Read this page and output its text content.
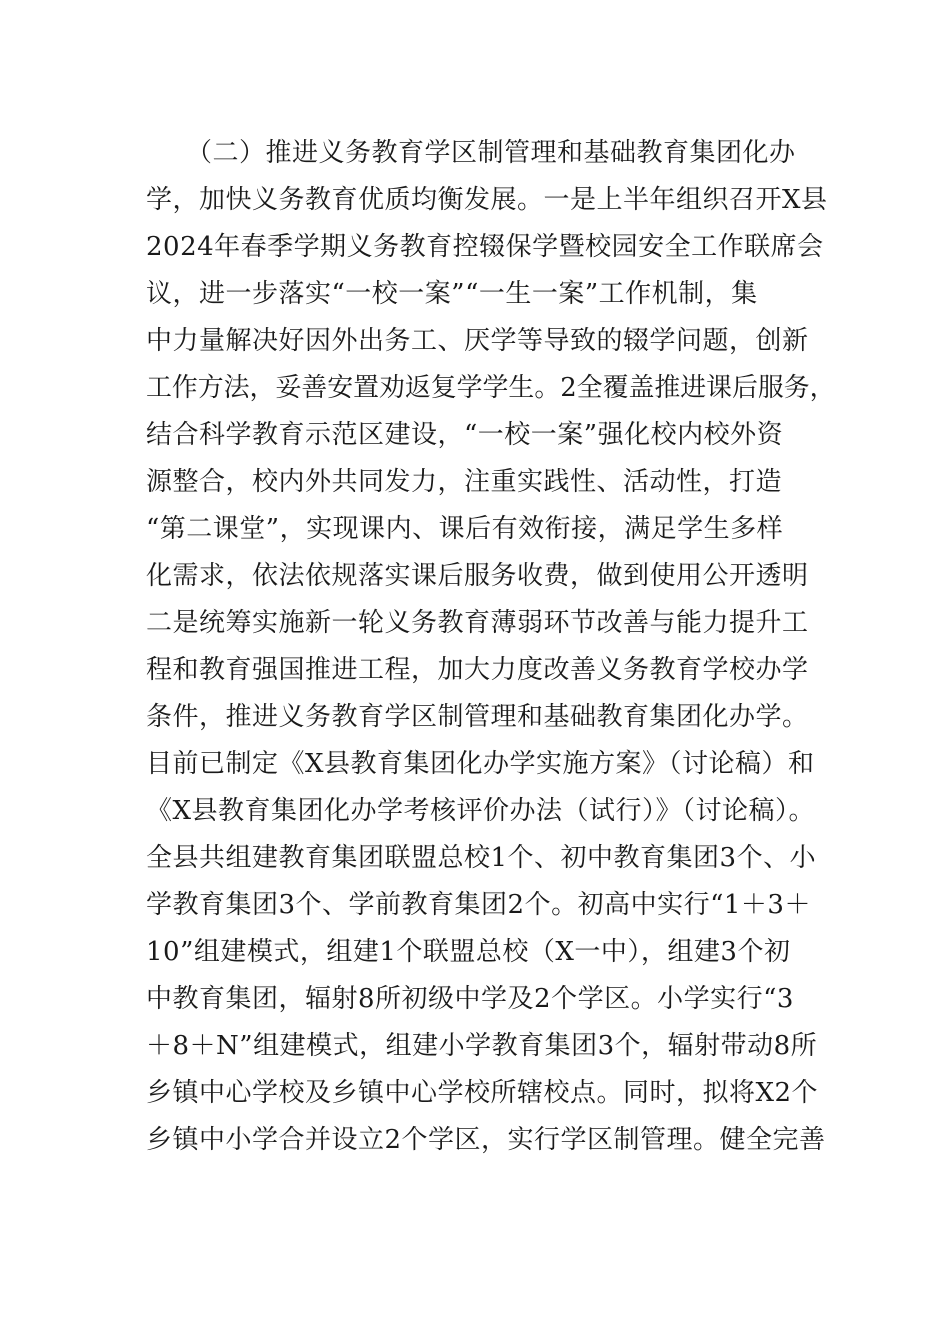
　　（二）推进义务教育学区制管理和基础教育集团化办
学，加快义务教育优质均衡发展。一是上半年组织召开X县
2024年春季学期义务教育控辍保学暨校园安全工作联席会
议，进一步落实“一校一案”“一生一案”工作机制，集
中力量解决好因外出务工、厌学等导致的辍学问题，创新
工作方法，妥善安置劝返复学学生。2全覆盖推进课后服务，
结合科学教育示范区建设，“一校一案”强化校内校外资
源整合，校内外共同发力，注重实践性、活动性，打造
“第二课堂”，实现课内、课后有效衔接，满足学生多样
化需求，依法依规落实课后服务收费，做到使用公开透明
二是统筹实施新一轮义务教育薄弱环节改善与能力提升工
程和教育强国推进工程，加大力度改善义务教育学校办学
条件，推进义务教育学区制管理和基础教育集团化办学。
目前已制定《X县教育集团化办学实施方案》（讨论稿）和
《X县教育集团化办学考核评价办法（试行）》（讨论稿）。
全县共组建教育集团联盟总校1个、初中教育集团3个、小
学教育集团3个、学前教育集团2个。初高中实行“1＋3＋
10”组建模式，组建1个联盟总校（X一中），组建3个初
中教育集团，辐射8所初级中学及2个学区。小学实行“3
＋8＋N”组建模式，组建小学教育集团3个，辐射带动8所
乡镇中心学校及乡镇中心学校所辖校点。同时，拟将X2个
乡镇中小学合并设立2个学区，实行学区制管理。健全完善
